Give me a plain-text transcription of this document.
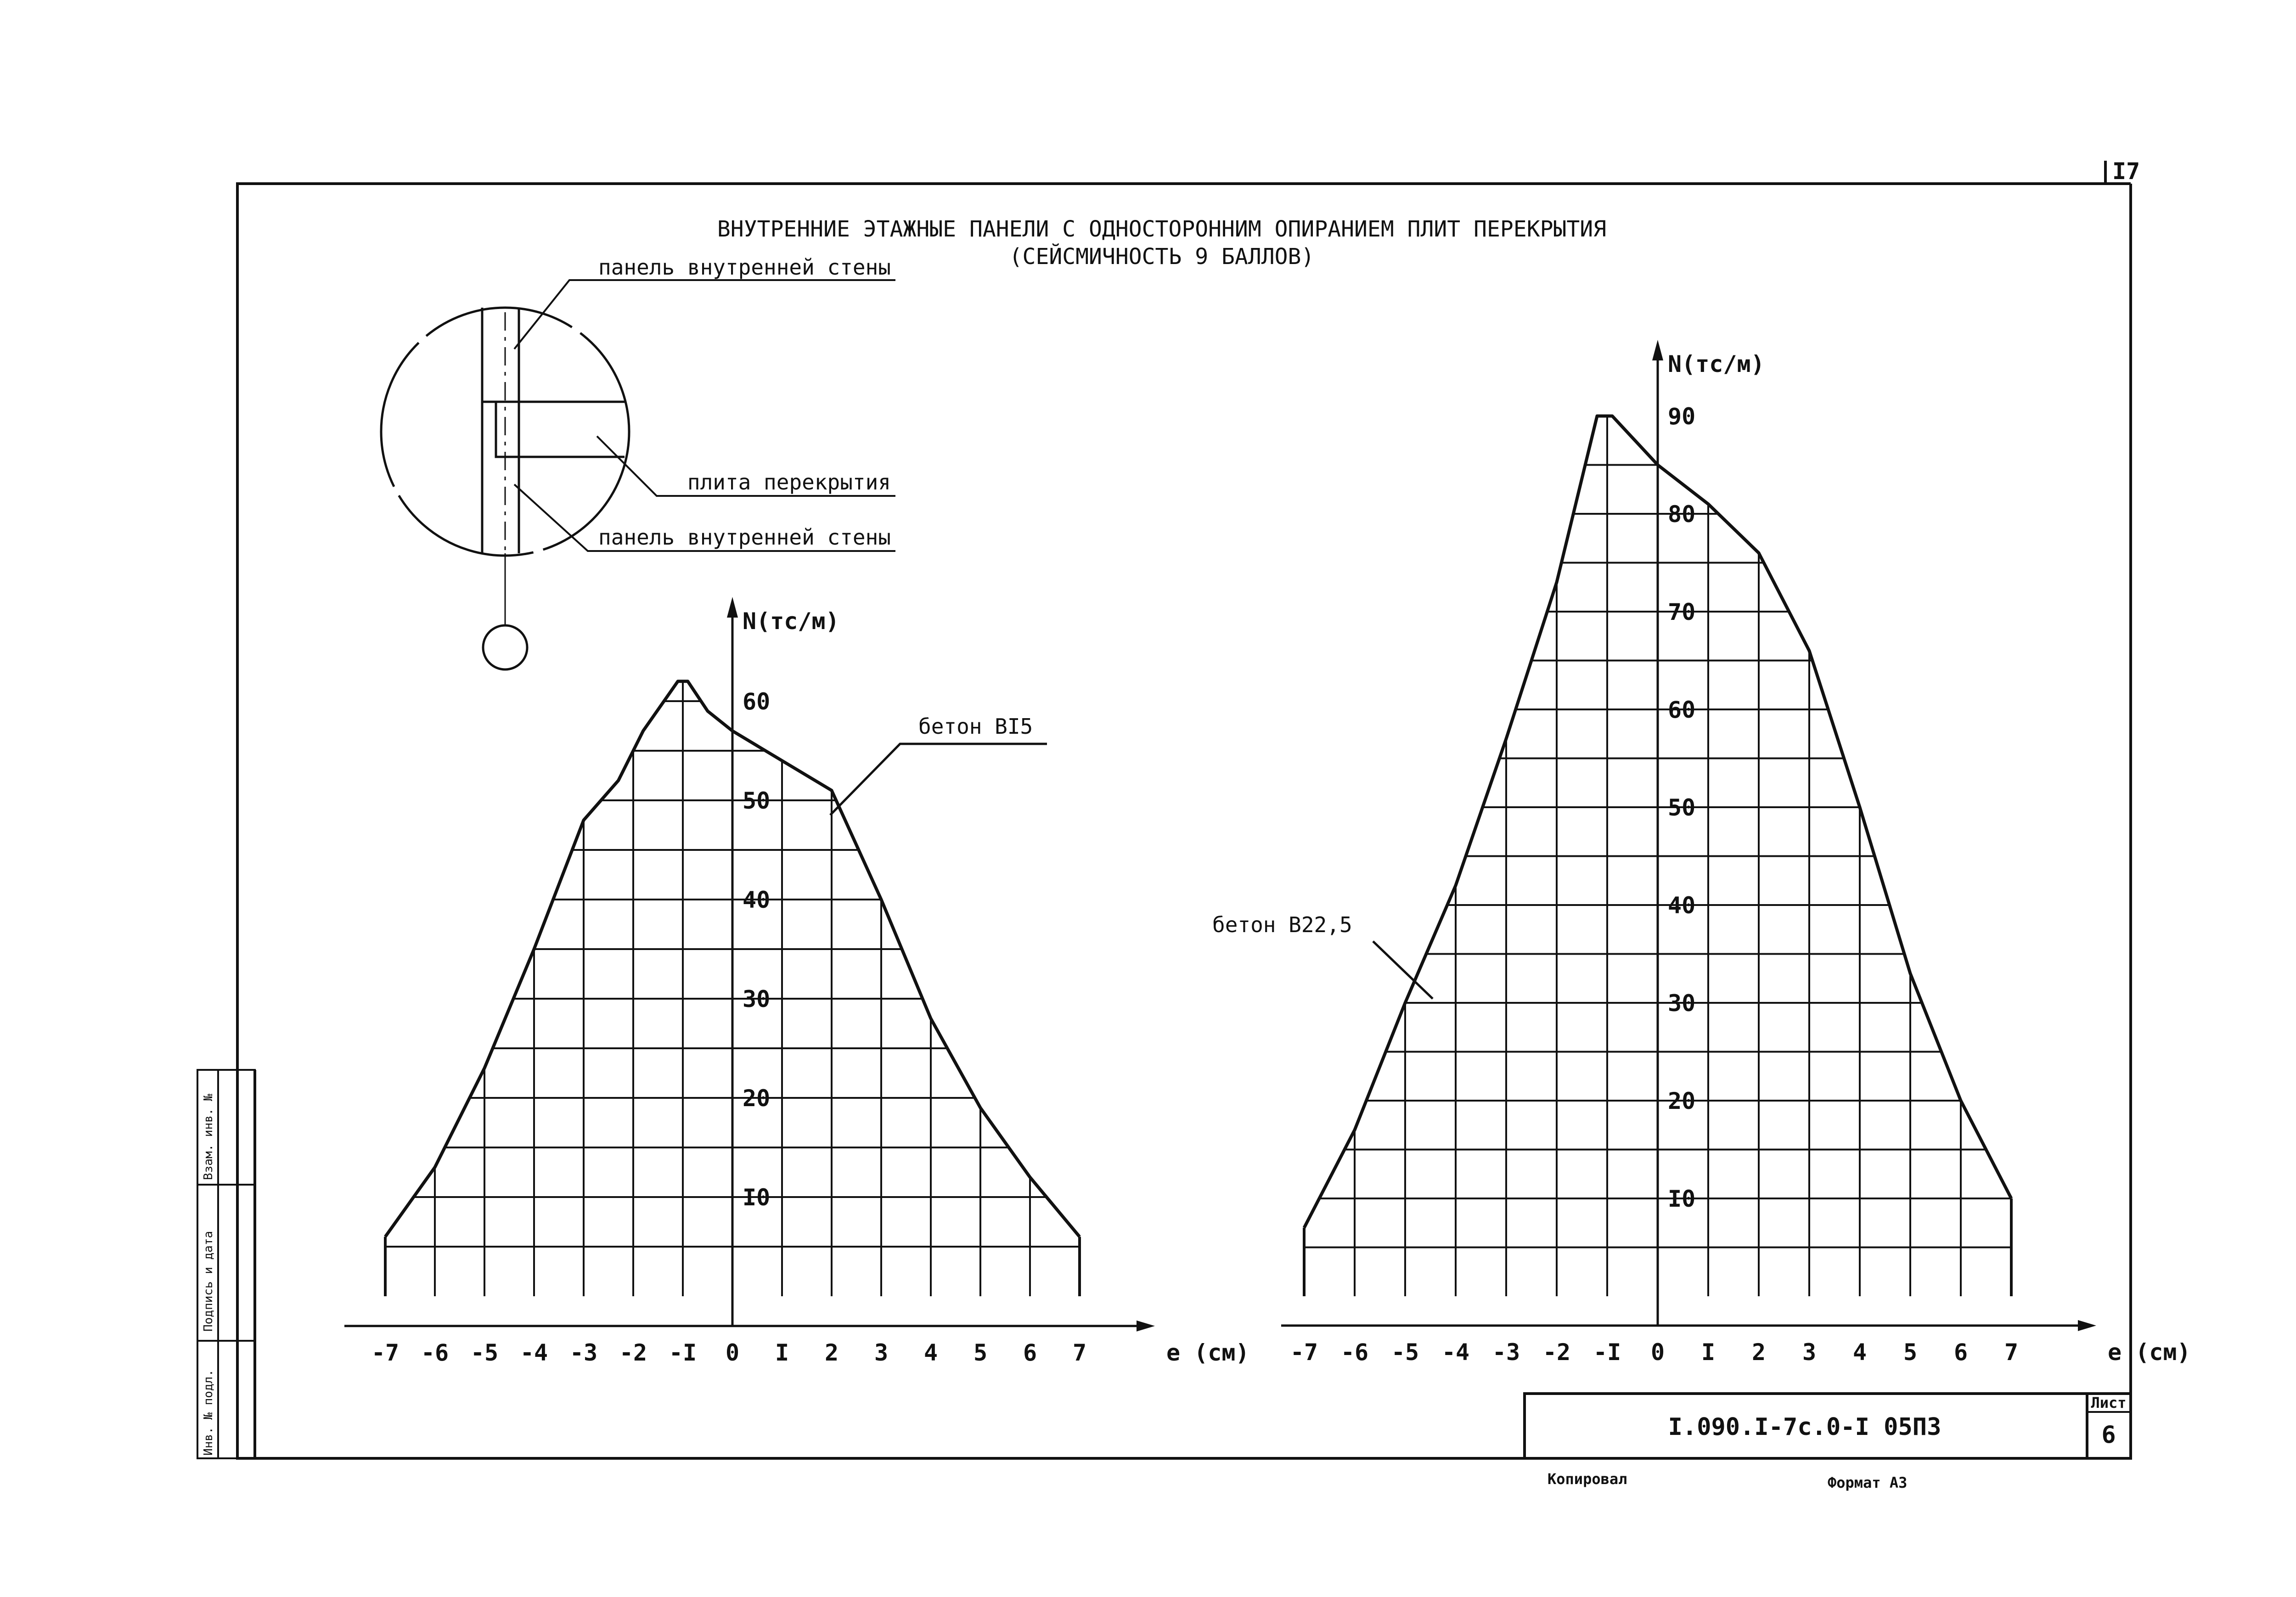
I7
Инв. № подл.
Подпись и дата
Взам. инв. №
ВНУТРЕННИЕ ЭТАЖНЫЕ ПАНЕЛИ С ОДНОСТОРОННИМ ОПИРАНИЕМ ПЛИТ ПЕРЕКРЫТИЯ
(СЕЙСМИЧНОСТЬ 9 БАЛЛОВ)
панель внутренней стены
плита перекрытия
панель внутренней стены
-7 -6 -5 -4 -3 -2 -I 0 I 2 3 4 5 6 7
I0
20
30
40
50
60
e (см)
N(тс/м)
бетон ВI5
-7 -6 -5 -4 -3 -2 -I 0 I 2 3 4 5 6 7
I0
20
30
40
50
60
70
80
90
e (см)
N(тс/м)
бетон В22,5
I.090.I-7c.0-I 05ПЗ
Лист
6
Копировал	Формат А3
